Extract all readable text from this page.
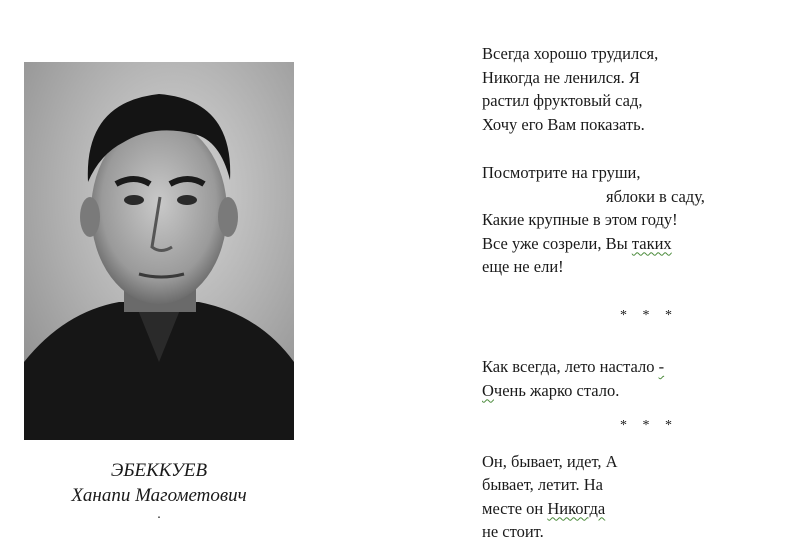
ЭБЕККУЕВ
Ханапи Магометович
.

Всегда хорошо трудился,

Никогда не ленился. Я

растил фруктовый сад,

Хочу его Вам показать.

Посмотрите на груши,

яблоки в саду,

Какие крупные в этом году!

Все уже созрели, Вы таких

еще не ели!

* * *

Как всегда, лето настало -

Очень жарко стало.

* * *

Он, бывает, идет, А

бывает, летит. На

месте он Никогда

не стоит.
